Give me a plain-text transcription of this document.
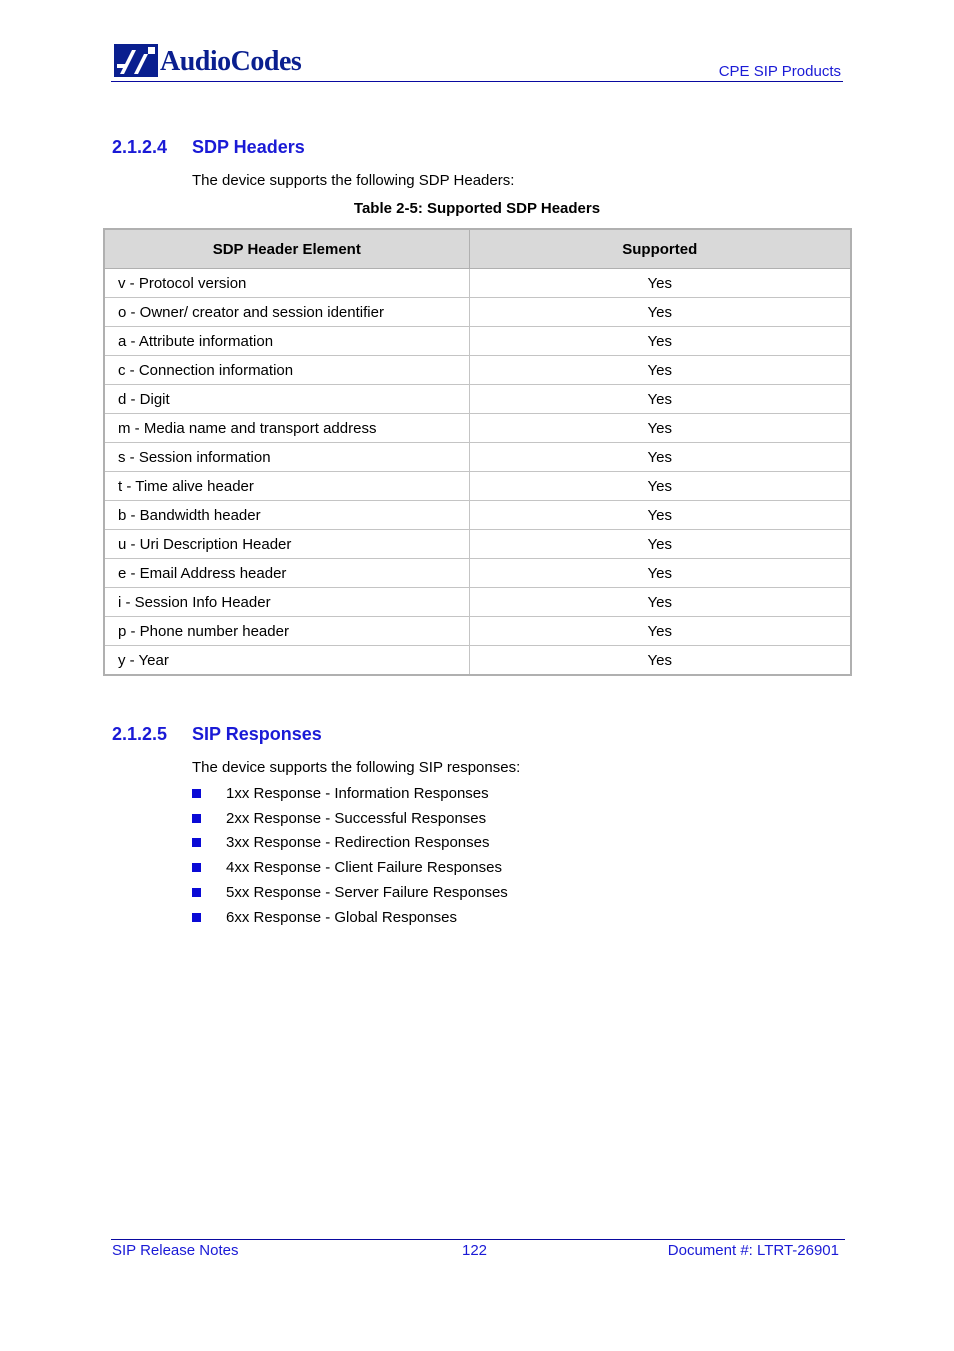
AudioCodes	CPE SIP Products
2.1.2.4 SDP Headers
The device supports the following SDP Headers:
Table 2-5: Supported SDP Headers
SDP Header Element	Supported
v - Protocol version	Yes
o - Owner/ creator and session identifier	Yes
a - Attribute information	Yes
c - Connection information	Yes
d - Digit	Yes
m - Media name and transport address	Yes
s - Session information	Yes
t - Time alive header	Yes
b - Bandwidth header	Yes
u - Uri Description Header	Yes
e - Email Address header	Yes
i - Session Info Header	Yes
p - Phone number header	Yes
y - Year	Yes
2.1.2.5 SIP Responses
The device supports the following SIP responses:
1xx Response - Information Responses
2xx Response - Successful Responses
3xx Response - Redirection Responses
4xx Response - Client Failure Responses
5xx Response - Server Failure Responses
6xx Response - Global Responses
SIP Release Notes	122	Document #: LTRT-26901
